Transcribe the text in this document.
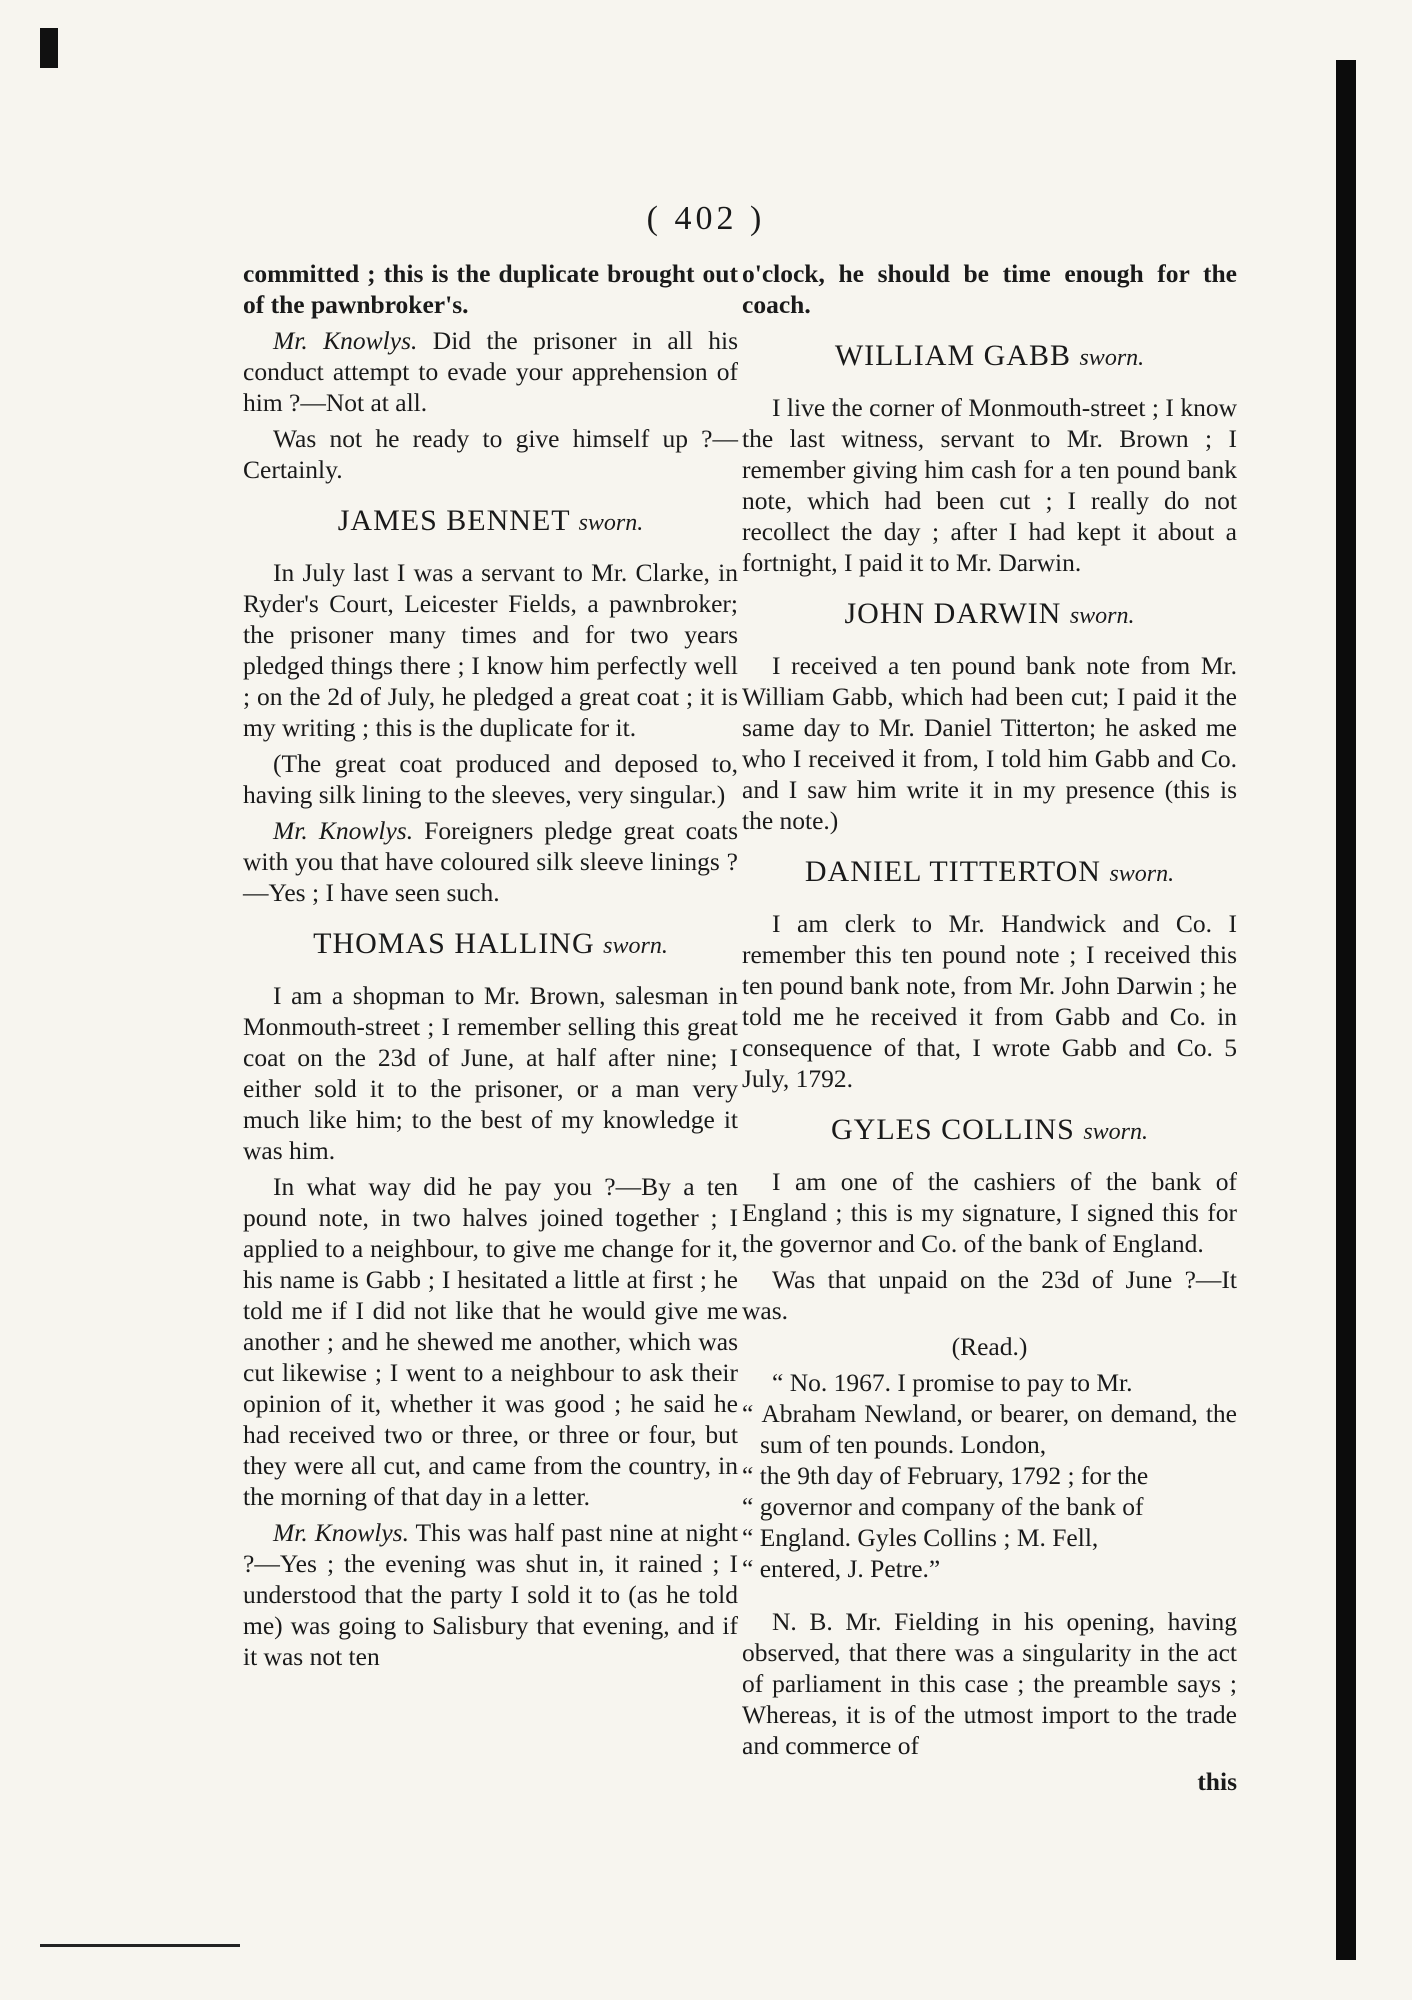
( 402 )

committed ; this is the duplicate brought out of the pawnbroker's.

Mr. Knowlys. Did the prisoner in all his conduct attempt to evade your apprehension of him ?—Not at all.

Was not he ready to give himself up ?—Certainly.

JAMES BENNET sworn.

In July last I was a servant to Mr. Clarke, in Ryder's Court, Leicester Fields, a pawnbroker; the prisoner many times and for two years pledged things there ; I know him perfectly well ; on the 2d of July, he pledged a great coat ; it is my writing ; this is the duplicate for it.

(The great coat produced and deposed to, having silk lining to the sleeves, very singular.)

Mr. Knowlys. Foreigners pledge great coats with you that have coloured silk sleeve linings ?—Yes ; I have seen such.

THOMAS HALLING sworn.

I am a shopman to Mr. Brown, salesman in Monmouth-street ; I remember selling this great coat on the 23d of June, at half after nine; I either sold it to the prisoner, or a man very much like him; to the best of my knowledge it was him.

In what way did he pay you ?—By a ten pound note, in two halves joined together ; I applied to a neighbour, to give me change for it, his name is Gabb ; I hesitated a little at first ; he told me if I did not like that he would give me another ; and he shewed me another, which was cut likewise ; I went to a neighbour to ask their opinion of it, whether it was good ; he said he had received two or three, or three or four, but they were all cut, and came from the country, in the morning of that day in a letter.

Mr. Knowlys. This was half past nine at night ?—Yes ; the evening was shut in, it rained ; I understood that the party I sold it to (as he told me) was going to Salisbury that evening, and if it was not ten

o'clock, he should be time enough for the coach.

WILLIAM GABB sworn.

I live the corner of Monmouth-street ; I know the last witness, servant to Mr. Brown ; I remember giving him cash for a ten pound bank note, which had been cut ; I really do not recollect the day ; after I had kept it about a fortnight, I paid it to Mr. Darwin.

JOHN DARWIN sworn.

I received a ten pound bank note from Mr. William Gabb, which had been cut; I paid it the same day to Mr. Daniel Titterton; he asked me who I received it from, I told him Gabb and Co. and I saw him write it in my presence (this is the note.)

DANIEL TITTERTON sworn.

I am clerk to Mr. Handwick and Co. I remember this ten pound note ; I received this ten pound bank note, from Mr. John Darwin ; he told me he received it from Gabb and Co. in consequence of that, I wrote Gabb and Co. 5 July, 1792.

GYLES COLLINS sworn.

I am one of the cashiers of the bank of England ; this is my signature, I signed this for the governor and Co. of the bank of England.

Was that unpaid on the 23d of June ?—It was.

(Read.)

“ No. 1967. I promise to pay to Mr.

“ Abraham Newland, or bearer, on demand, the sum of ten pounds. London,

“ the 9th day of February, 1792 ; for the

“ governor and company of the bank of

“ England. Gyles Collins ; M. Fell,

“ entered, J. Petre.”

N. B. Mr. Fielding in his opening, having observed, that there was a singularity in the act of parliament in this case ; the preamble says ; Whereas, it is of the utmost import to the trade and commerce of

this
